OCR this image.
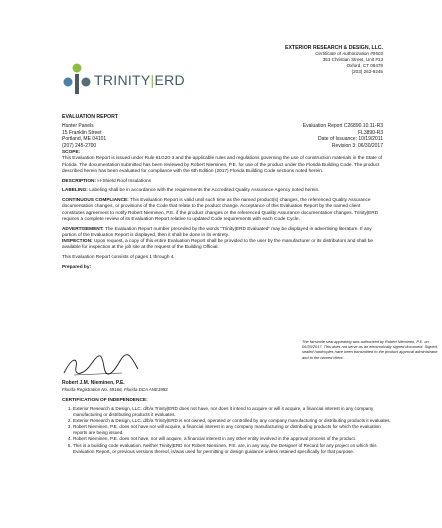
TRINITY|ERD
EXTERIOR RESEARCH & DESIGN, LLC.
Certificate of Authorization #9503
353 Christian Street, Unit #13
Oxford, CT 06478
(203) 262-9245
EVALUATION REPORT
Hunter Panels
15 Franklin Street
Portland, ME 04101
(207) 245-2700
Evaluation Report C26890.10.11-R3
FL3890-R3
Date of Issuance: 10/19/2011
Revision 3: 06/30/2017

SCOPE:
This Evaluation Report is issued under Rule 61G20-3 and the applicable rules and regulations governing the use of construction materials in the State of Florida. The documentation submitted has been reviewed by Robert Nieminen, P.E. for use of the product under the Florida Building Code. The product described herein has been evaluated for compliance with the 6th Edition (2017) Florida Building Code sections noted herein.

DESCRIPTION: H-Shield Roof Insulations

LABELING: Labeling shall be in accordance with the requirements the Accredited Quality Assurance Agency noted herein.

CONTINUOUS COMPLIANCE: This Evaluation Report is valid until such time as the named product(s) changes, the referenced Quality Assurance documentation changes, or provisions of the Code that relate to the product change. Acceptance of this Evaluation Report by the named client constitutes agreement to notify Robert Nieminen, P.E. if the product changes or the referenced Quality Assurance documentation changes. Trinity|ERD requires a complete review of its Evaluation Report relative to updated Code requirements with each Code Cycle.

ADVERTISEMENT: The Evaluation Report number preceded by the words “Trinity|ERD Evaluated” may be displayed in advertising literature. If any portion of the Evaluation Report is displayed, then it shall be done in its entirety.

INSPECTION: Upon request, a copy of this entire Evaluation Report shall be provided to the user by the manufacturer or its distributors and shall be available for inspection at the job site at the request of the Building Official.

This Evaluation Report consists of pages 1 through 4.

Prepared by:

Robert J.M. Nieminen, P.E.
Florida Registration No. 59166, Florida DCA ANE1983
The facsimile seal appearing was authorized by Robert Nieminen, P.E. on 06/30/2017. This does not serve as an electronically signed document. Signed, sealed hardcopies have been transmitted to the product approval administrator and to the named client.
CERTIFICATION OF INDEPENDENCE:
1. Exterior Research & Design, LLC. d/b/a Trinity|ERD does not have, nor does it intend to acquire or will it acquire, a financial interest in any company manufacturing or distributing products it evaluates.
2. Exterior Research & Design, LLC. d/b/a Trinity|ERD is not owned, operated or controlled by any company manufacturing or distributing products it evaluates.
3. Robert Nieminen, P.E. does not have nor will acquire, a financial interest in any company manufacturing or distributing products for which the evaluation reports are being issued.
4. Robert Nieminen, P.E. does not have, nor will acquire, a financial interest in any other entity involved in the approval process of the product.
5. This is a building code evaluation. Neither Trinity|ERD nor Robert Nieminen, P.E. are, in any way, the Designer of Record for any project on which this Evaluation Report, or previous versions thereof, is/was used for permitting or design guidance unless retained specifically for that purpose.
